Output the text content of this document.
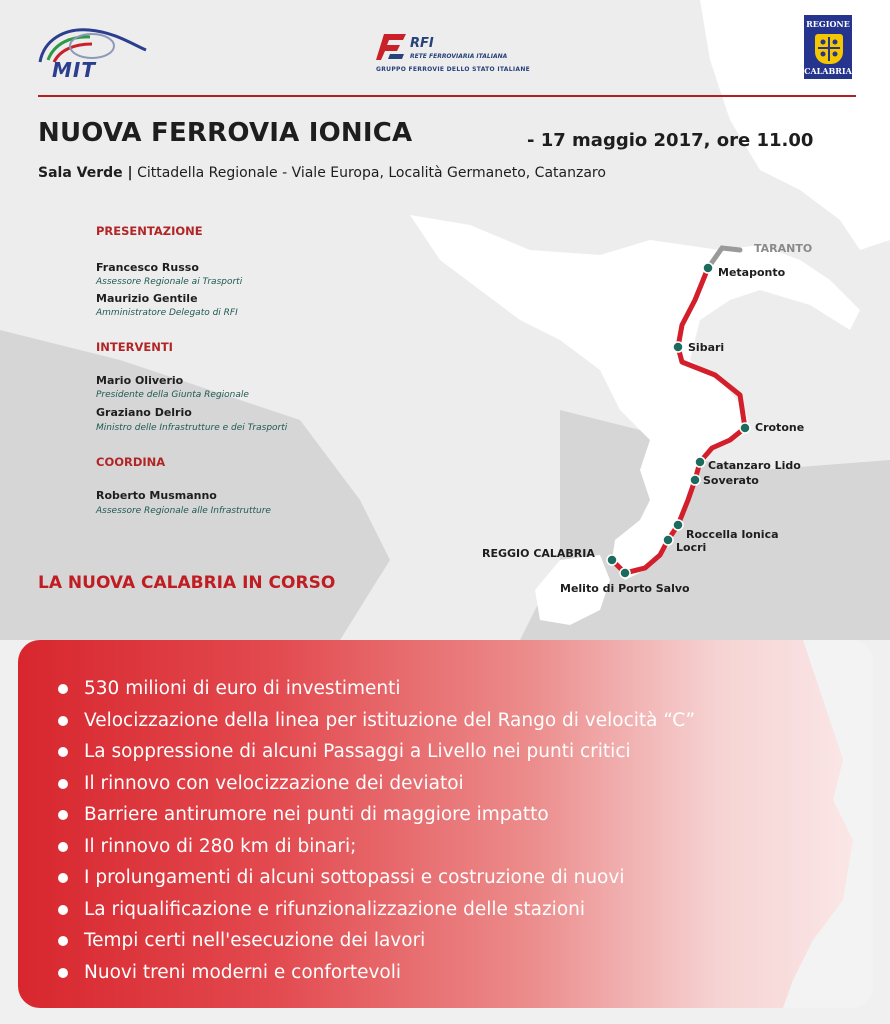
MIT
RFI
RETE FERROVIARIA ITALIANA
GRUPPO FERROVIE DELLO STATO ITALIANE
REGIONE
CALABRIA
NUOVA FERROVIA IONICA	- 17 maggio 2017, ore 11.00
Sala Verde | Cittadella Regionale - Viale Europa, Località Germaneto, Catanzaro
PRESENTAZIONE
Francesco Russo
Assessore Regionale ai Trasporti
Maurizio Gentile
Amministratore Delegato di RFI
INTERVENTI
Mario Oliverio
Presidente della Giunta Regionale
Graziano Delrio
Ministro delle Infrastrutture e dei Trasporti
COORDINA
Roberto Musmanno
Assessore Regionale alle Infrastrutture
LA NUOVA CALABRIA IN CORSO
TARANTO
Metaponto
Sibari
Crotone
Catanzaro Lido
Soverato
Roccella Ionica
Locri
REGGIO CALABRIA
Melito di Porto Salvo
530 milioni di euro di investimenti
Velocizzazione della linea per istituzione del Rango di velocità “C”
La soppressione di alcuni Passaggi a Livello nei punti critici
Il rinnovo con velocizzazione dei deviatoi
Barriere antirumore nei punti di maggiore impatto
Il rinnovo di 280 km di binari;
I prolungamenti di alcuni sottopassi e costruzione di nuovi
La riqualificazione e rifunzionalizzazione delle stazioni
Tempi certi nell'esecuzione dei lavori
Nuovi treni moderni e confortevoli
